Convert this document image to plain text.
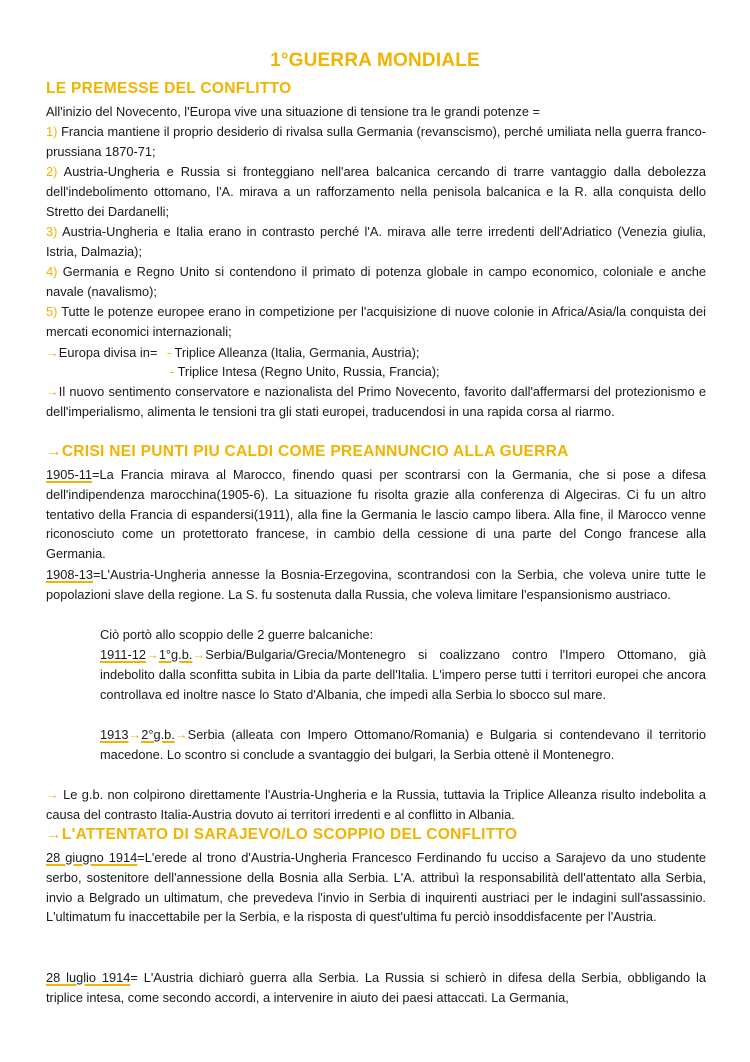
1°GUERRA MONDIALE
LE PREMESSE DEL CONFLITTO
All'inizio del Novecento, l'Europa vive una situazione di tensione tra le grandi potenze =
1) Francia mantiene il proprio desiderio di rivalsa sulla Germania (revanscismo), perché umiliata nella guerra franco-prussiana 1870-71;
2) Austria-Ungheria e Russia si fronteggiano nell'area balcanica cercando di trarre vantaggio dalla debolezza dell'indebolimento ottomano, l'A. mirava a un rafforzamento nella penisola balcanica e la R. alla conquista dello Stretto dei Dardanelli;
3) Austria-Ungheria e Italia erano in contrasto perché l'A. mirava alle terre irredenti dell'Adriatico (Venezia giulia, Istria, Dalmazia);
4) Germania e Regno Unito si contendono il primato di potenza globale in campo economico, coloniale e anche navale (navalismo);
5) Tutte le potenze europee erano in competizione per l'acquisizione di nuove colonie in Africa/Asia/la conquista dei mercati economici internazionali;
→Europa divisa in= - Triplice Alleanza (Italia, Germania, Austria);
- Triplice Intesa (Regno Unito, Russia, Francia);
→Il nuovo sentimento conservatore e nazionalista del Primo Novecento, favorito dall'affermarsi del protezionismo e dell'imperialismo, alimenta le tensioni tra gli stati europei, traducendosi in una rapida corsa al riarmo.
→CRISI NEI PUNTI PIU CALDI COME PREANNUNCIO ALLA GUERRA
1905-11=La Francia mirava al Marocco, finendo quasi per scontrarsi con la Germania, che si pose a difesa dell'indipendenza marocchina(1905-6). La situazione fu risolta grazie alla conferenza di Algeciras. Ci fu un altro tentativo della Francia di espandersi(1911), alla fine la Germania le lascio campo libera. Alla fine, il Marocco venne riconosciuto come un protettorato francese, in cambio della cessione di una parte del Congo francese alla Germania.
1908-13=L'Austria-Ungheria annesse la Bosnia-Erzegovina, scontrandosi con la Serbia, che voleva unire tutte le popolazioni slave della regione. La S. fu sostenuta dalla Russia, che voleva limitare l'espansionismo austriaco.
Ciò portò allo scoppio delle 2 guerre balcaniche:
1911-12→1°g.b.→Serbia/Bulgaria/Grecia/Montenegro si coalizzano contro l'Impero Ottomano, già indebolito dalla sconfitta subita in Libia da parte dell'Italia. L'impero perse tutti i territori europei che ancora controllava ed inoltre nasce lo Stato d'Albania, che impedì alla Serbia lo sbocco sul mare.
1913→2°g.b.→Serbia (alleata con Impero Ottomano/Romania) e Bulgaria si contendevano il territorio macedone. Lo scontro si conclude a svantaggio dei bulgari, la Serbia ottenè il Montenegro.
→ Le g.b. non colpirono direttamente l'Austria-Ungheria e la Russia, tuttavia la Triplice Alleanza risulto indebolita a causa del contrasto Italia-Austria dovuto ai territori irredenti e al conflitto in Albania.
→L'ATTENTATO DI SARAJEVO/LO SCOPPIO DEL CONFLITTO
28 giugno 1914=L'erede al trono d'Austria-Ungheria Francesco Ferdinando fu ucciso a Sarajevo da uno studente serbo, sostenitore dell'annessione della Bosnia alla Serbia. L'A. attribuì la responsabilità dell'attentato alla Serbia, invio a Belgrado un ultimatum, che prevedeva l'invio in Serbia di inquirenti austriaci per le indagini sull'assassinio. L'ultimatum fu inaccettabile per la Serbia, e la risposta di quest'ultima fu perciò insoddisfacente per l'Austria.
28 luglio 1914= L'Austria dichiarò guerra alla Serbia. La Russia si schierò in difesa della Serbia, obbligando la triplice intesa, come secondo accordi, a intervenire in aiuto dei paesi attaccati. La Germania,
